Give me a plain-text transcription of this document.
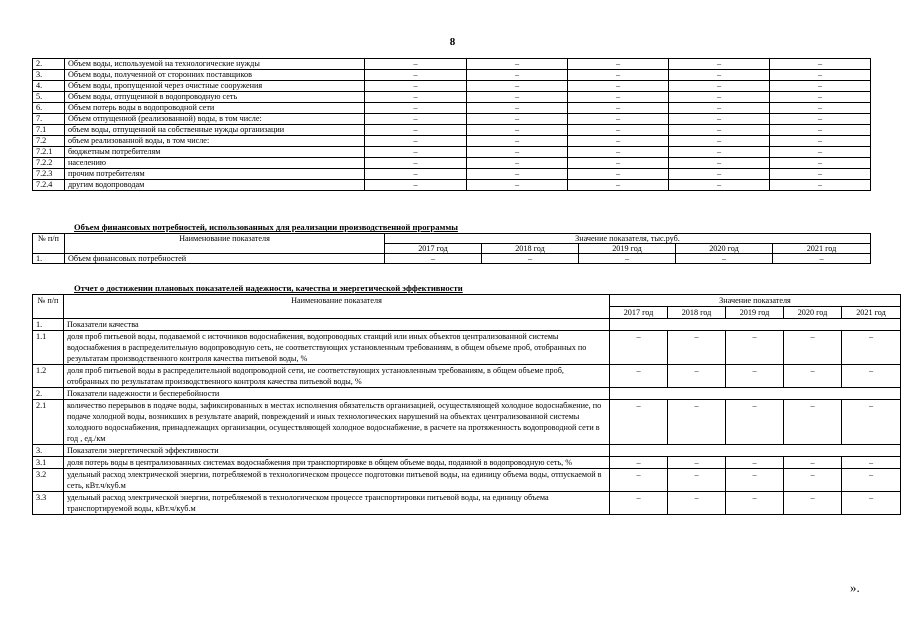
8
2.	Объем воды, используемой на технологические нужды	–	–	–	–	–
3.	Объем воды, полученной от сторонних поставщиков	–	–	–	–	–
4.	Объем воды, пропущенной через очистные сооружения	–	–	–	–	–
5.	Объем воды, отпущенной в водопроводную сеть	–	–	–	–	–
6.	Объем потерь воды в водопроводной сети	–	–	–	–	–
7.	Объем отпущенной (реализованной) воды, в том числе:	–	–	–	–	–
7.1	объем воды, отпущенной на собственные нужды организации	–	–	–	–	–
7.2	объем реализованной воды, в том числе:	–	–	–	–	–
7.2.1	бюджетным потребителям	–	–	–	–	–
7.2.2	населению	–	–	–	–	–
7.2.3	прочим потребителям	–	–	–	–	–
7.2.4	другим водопроводам	–	–	–	–	–
Объем финансовых потребностей, использованных для реализации производственной программы
№ п/п	Наименование показателя	Значение показателя, тыс.руб.				
		2017 год	2018 год	2019 год	2020 год	2021 год
1.	Объем финансовых потребностей	–	–	–	–	–
Отчет о достижении плановых показателей надежности, качества и энергетической эффективности
№ п/п	Наименование показателя	Значение показателя				
		2017 год	2018 год	2019 год	2020 год	2021 год
1.	Показатели качества					
1.1	доля проб питьевой воды, подаваемой с источников водоснабжения, водопроводных станций или иных объектов централизованной системы водоснабжения в распределительную водопроводную сеть, не соответствующих установленным требованиям, в общем объеме проб, отобранных по результатам производственного контроля качества питьевой воды, %	–	–	–	–	–
1.2	доля проб питьевой воды в распределительной водопроводной сети, не соответствующих установленным требованиям, в общем объеме проб, отобранных по результатам производственного контроля качества питьевой воды, %	–	–	–	–	–
2.	Показатели надежности и бесперебойности					
2.1	количество перерывов в подаче воды, зафиксированных в местах исполнения обязательств организацией, осуществляющей холодное водоснабжение, по подаче холодной воды, возникших в результате аварий, повреждений и иных технологических нарушений на объектах централизованной системы холодного водоснабжения, принадлежащих организации, осуществляющей холодное водоснабжение, в расчете на протяженность водопроводной сети в год , ед./км	–	–	–	–	–
3.	Показатели энергетической эффективности					
3.1	доля потерь воды в централизованных системах водоснабжения при транспортировке в общем объеме воды, поданной в водопроводную сеть, %	–	–	–	–	–
3.2	удельный расход электрической энергии, потребляемой в технологическом процессе подготовки питьевой воды, на единицу объема воды, отпускаемой в сеть, кВт.ч/куб.м	–	–	–	–	–
3.3	удельный расход электрической энергии, потребляемой в технологическом процессе транспортировки питьевой воды, на единицу объема транспортируемой воды, кВт.ч/куб.м	–	–	–	–	–
».
